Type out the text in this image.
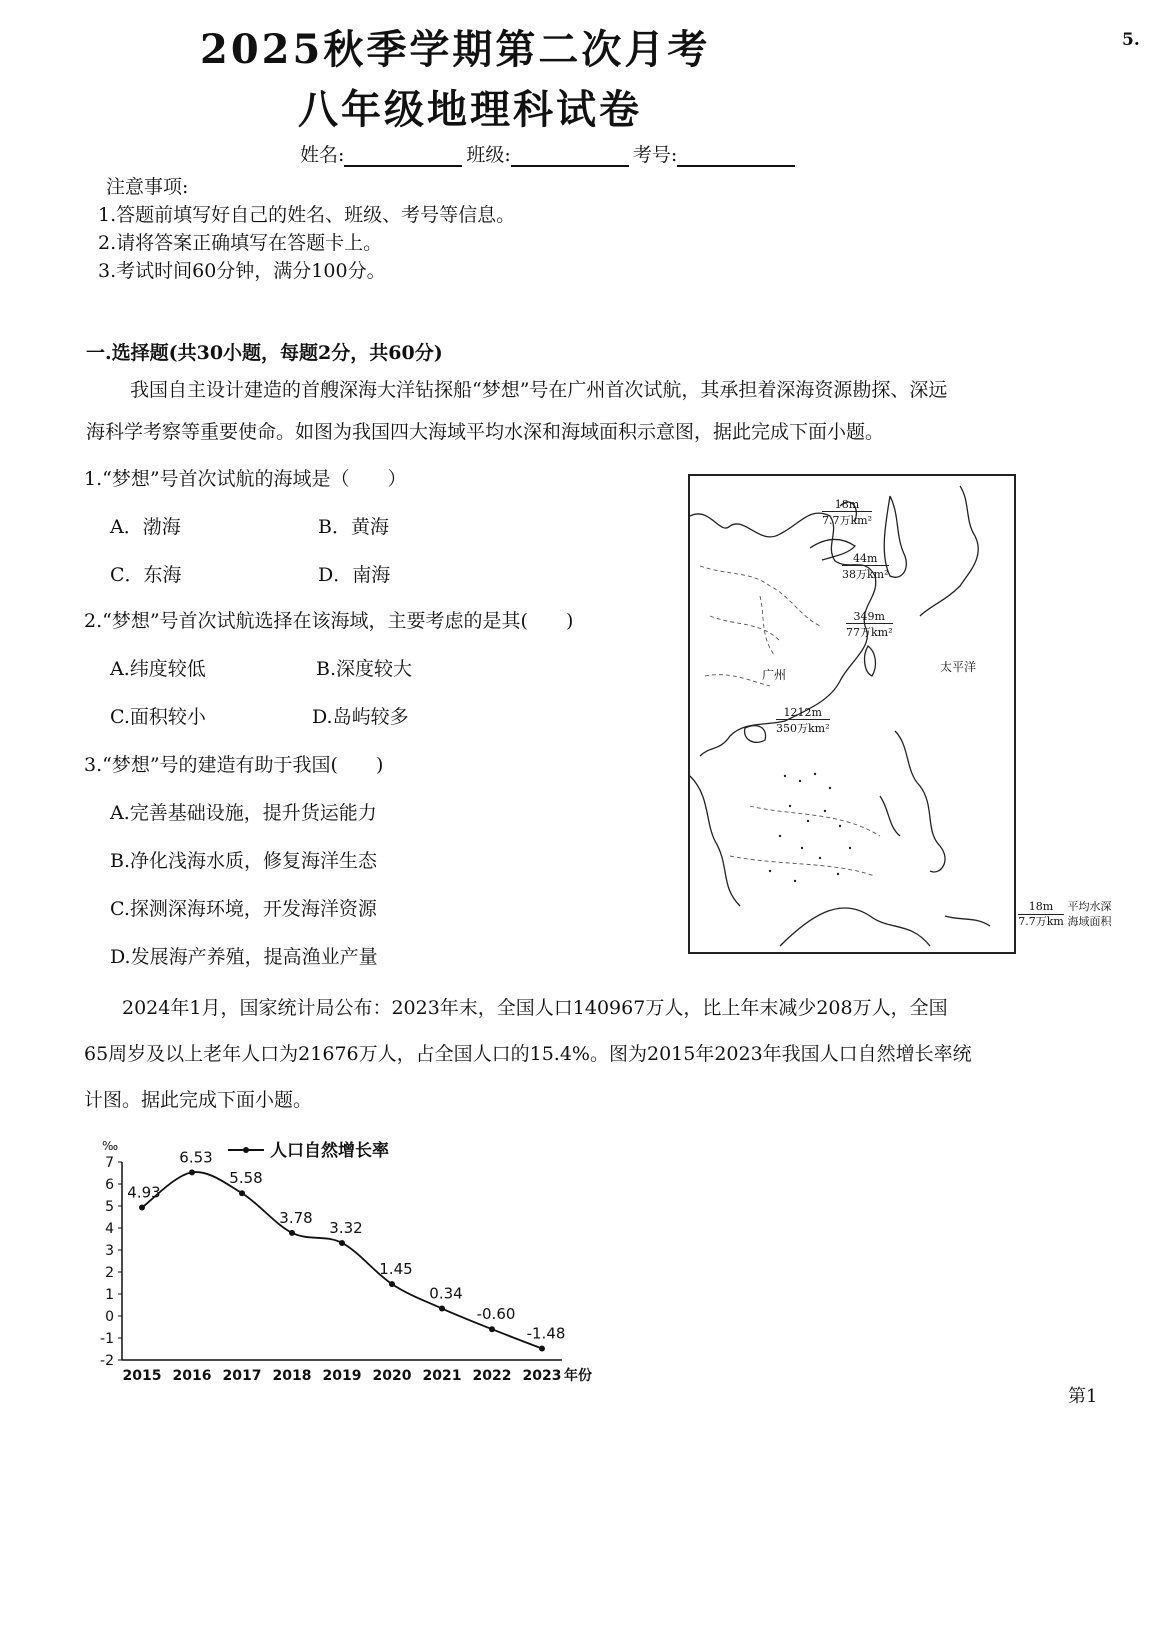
2025秋季学期第二次月考
八年级地理科试卷
5.
姓名:	班级:	考号:
注意事项:
1.答题前填写好自己的姓名、班级、考号等信息。
2.请将答案正确填写在答题卡上。
3.考试时间60分钟，满分100分。
一.选择题(共30小题，每题2分，共60分)
我国自主设计建造的首艘深海大洋钻探船“梦想”号在广州首次试航，其承担着深海资源勘探、深远
海科学考察等重要使命。如图为我国四大海域平均水深和海域面积示意图，据此完成下面小题。
1.“梦想”号首次试航的海域是（　　）
A．渤海	B．黄海
C．东海	D．南海
2.“梦想”号首次试航选择在该海域，主要考虑的是其(　　)
A.纬度较低	B.深度较大
C.面积较小	D.岛屿较多
3.“梦想”号的建造有助于我国(　　)
A.完善基础设施，提升货运能力
B.净化浅海水质，修复海洋生态
C.探测深海环境，开发海洋资源
D.发展海产养殖，提高渔业产量
18m
7.7万km²
44m
38万km²
349m
77万km²
1212m
350万km²
广州
太平洋
18m 平均水深
7.7万km 海域面积
2024年1月，国家统计局公布：2023年末，全国人口140967万人，比上年末减少208万人，全国
65周岁及以上老年人口为21676万人，占全国人口的15.4%。图为2015年2023年我国人口自然增长率统
计图。据此完成下面小题。
‰	人口自然增长率
7
6
5
4
3
2
1
0
-1
-2
2015 2016 2017 2018 2019 2020 2021 2022 2023 年份
4.93
6.53
5.58
3.78
3.32
1.45
0.34
-0.60
-1.48
第1
